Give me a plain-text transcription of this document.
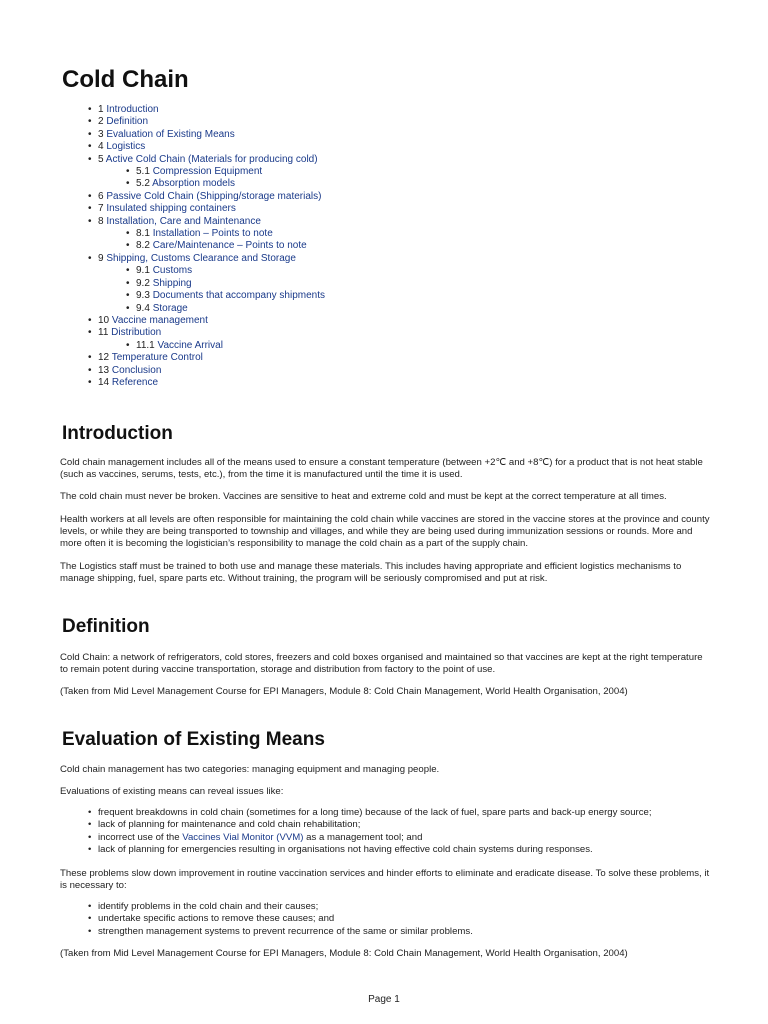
Cold Chain
• 1 Introduction
• 2 Definition
• 3 Evaluation of Existing Means
• 4 Logistics
• 5 Active Cold Chain (Materials for producing cold)
• 5.1 Compression Equipment
• 5.2 Absorption models
• 6 Passive Cold Chain (Shipping/storage materials)
• 7 Insulated shipping containers
• 8 Installation, Care and Maintenance
• 8.1 Installation – Points to note
• 8.2 Care/Maintenance – Points to note
• 9 Shipping, Customs Clearance and Storage
• 9.1 Customs
• 9.2 Shipping
• 9.3 Documents that accompany shipments
• 9.4 Storage
• 10 Vaccine management
• 11 Distribution
• 11.1 Vaccine Arrival
• 12 Temperature Control
• 13 Conclusion
• 14 Reference
Introduction

Cold chain management includes all of the means used to ensure a constant temperature (between +2℃ and +8℃) for a product that is not heat stable (such as vaccines, serums, tests, etc.), from the time it is manufactured until the time it is used.

The cold chain must never be broken. Vaccines are sensitive to heat and extreme cold and must be kept at the correct temperature at all times.

Health workers at all levels are often responsible for maintaining the cold chain while vaccines are stored in the vaccine stores at the province and county levels, or while they are being transported to township and villages, and while they are being used during immunization sessions or rounds. More and more often it is becoming the logistician’s responsibility to manage the cold chain as a part of the supply chain.

The Logistics staff must be trained to both use and manage these materials. This includes having appropriate and efficient logistics mechanisms to manage shipping, fuel, spare parts etc. Without training, the program will be seriously compromised and put at risk.

Definition

Cold Chain: a network of refrigerators, cold stores, freezers and cold boxes organised and maintained so that vaccines are kept at the right temperature to remain potent during vaccine transportation, storage and distribution from factory to the point of use.

(Taken from Mid Level Management Course for EPI Managers, Module 8: Cold Chain Management, World Health Organisation, 2004)

Evaluation of Existing Means

Cold chain management has two categories: managing equipment and managing people.

Evaluations of existing means can reveal issues like:

• frequent breakdowns in cold chain (sometimes for a long time) because of the lack of fuel, spare parts and back-up energy source;
• lack of planning for maintenance and cold chain rehabilitation;
• incorrect use of the Vaccines Vial Monitor (VVM) as a management tool; and
• lack of planning for emergencies resulting in organisations not having effective cold chain systems during responses.

These problems slow down improvement in routine vaccination services and hinder efforts to eliminate and eradicate disease. To solve these problems, it is necessary to:

• identify problems in the cold chain and their causes;
• undertake specific actions to remove these causes; and
• strengthen management systems to prevent recurrence of the same or similar problems.

(Taken from Mid Level Management Course for EPI Managers, Module 8: Cold Chain Management, World Health Organisation, 2004)

Page 1
